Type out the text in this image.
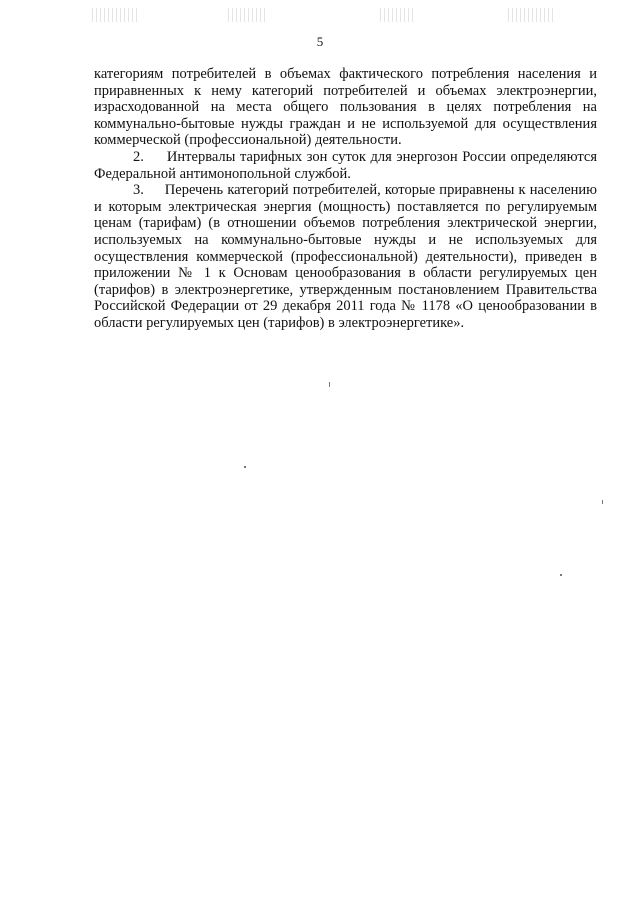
5

категориям потребителей в объемах фактического потребления населения и приравненных к нему категорий потребителей и объемах электроэнергии, израсходованной на места общего пользования в целях потребления на коммунально-бытовые нужды граждан и не используемой для осуществления коммерческой (профессиональной) деятельности.

2.     Интервалы тарифных зон суток для энергозон России определяются Федеральной антимонопольной службой.

3.     Перечень категорий потребителей, которые приравнены к населению и которым электрическая энергия (мощность) поставляется по регулируемым ценам (тарифам) (в отношении объемов потребления электрической энергии, используемых на коммунально-бытовые нужды и не используемых для осуществления коммерческой (профессиональной) деятельности), приведен в приложении № 1 к Основам ценообразования в области регулируемых цен (тарифов) в электроэнергетике, утвержденным постановлением Правительства Российской Федерации от 29 декабря 2011 года № 1178 «О ценообразовании в области регулируемых цен (тарифов) в электроэнергетике».
